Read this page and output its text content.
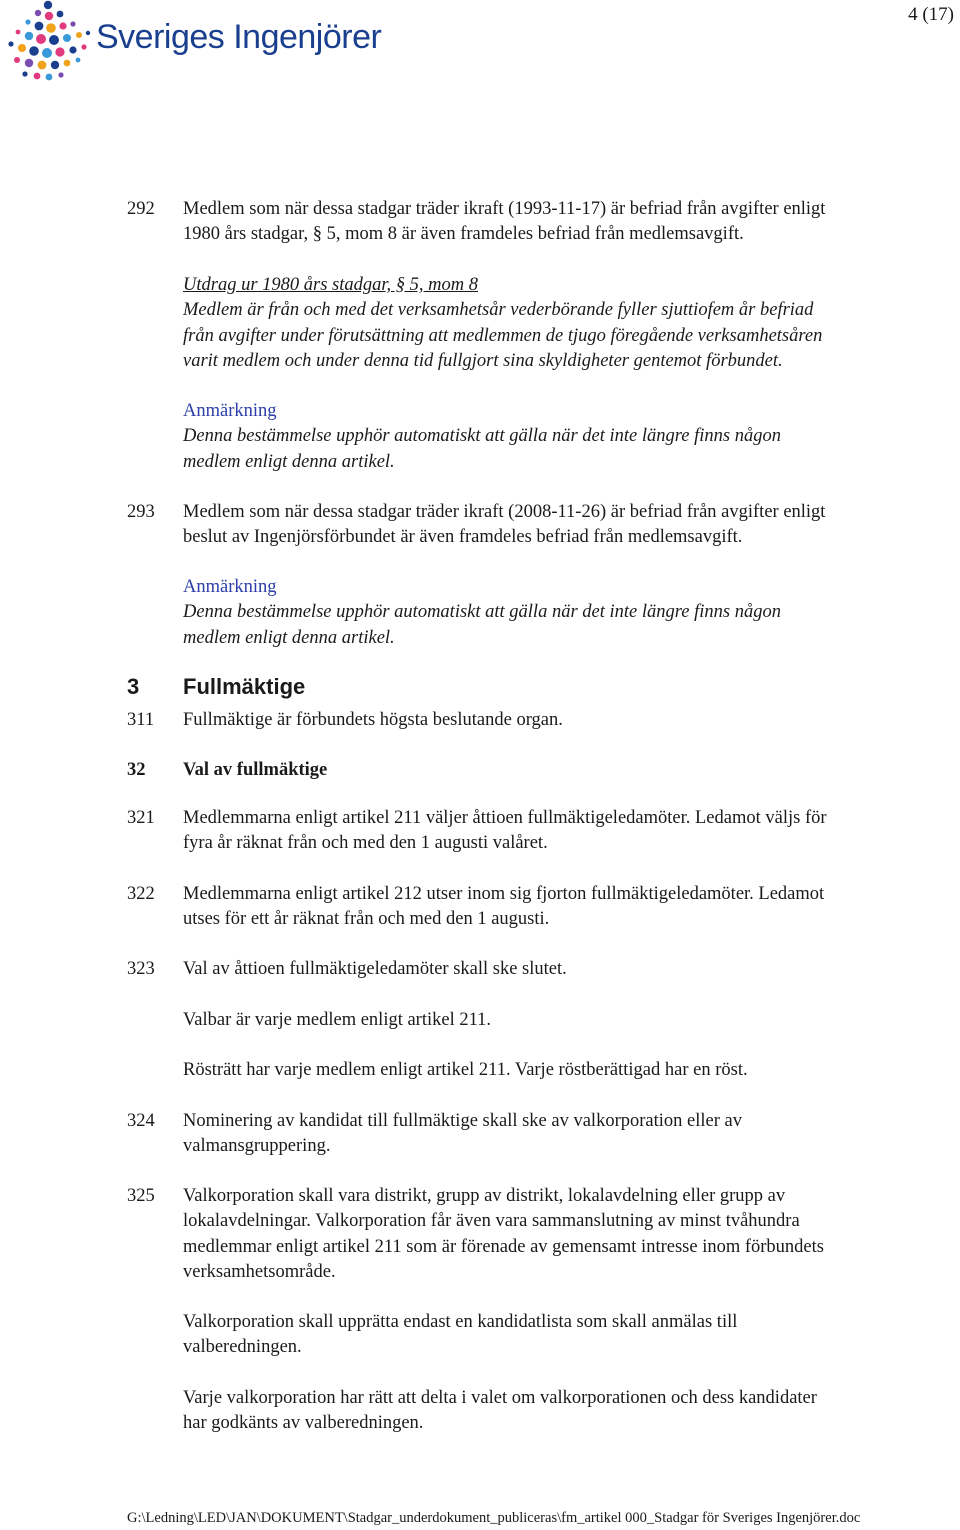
Sveriges Ingenjörer
4 (17)
292 Medlem som när dessa stadgar träder ikraft (1993-11-17) är befriad från avgifter enligt
1980 års stadgar, § 5, mom 8 är även framdeles befriad från medlemsavgift.
Utdrag ur 1980 års stadgar, § 5, mom 8
Medlem är från och med det verksamhetsår vederbörande fyller sjuttiofem år befriad
från avgifter under förutsättning att medlemmen de tjugo föregående verksamhetsåren
varit medlem och under denna tid fullgjort sina skyldigheter gentemot förbundet.
Anmärkning
Denna bestämmelse upphör automatiskt att gälla när det inte längre finns någon
medlem enligt denna artikel.
293 Medlem som när dessa stadgar träder ikraft (2008-11-26) är befriad från avgifter enligt
beslut av Ingenjörsförbundet är även framdeles befriad från medlemsavgift.
Anmärkning
Denna bestämmelse upphör automatiskt att gälla när det inte längre finns någon
medlem enligt denna artikel.
3 Fullmäktige
311 Fullmäktige är förbundets högsta beslutande organ.
32 Val av fullmäktige
321 Medlemmarna enligt artikel 211 väljer åttioen fullmäktigeledamöter. Ledamot väljs för
fyra år räknat från och med den 1 augusti valåret.
322 Medlemmarna enligt artikel 212 utser inom sig fjorton fullmäktigeledamöter. Ledamot
utses för ett år räknat från och med den 1 augusti.
323 Val av åttioen fullmäktigeledamöter skall ske slutet.
Valbar är varje medlem enligt artikel 211.
Rösträtt har varje medlem enligt artikel 211. Varje röstberättigad har en röst.
324 Nominering av kandidat till fullmäktige skall ske av valkorporation eller av
valmansgruppering.
325 Valkorporation skall vara distrikt, grupp av distrikt, lokalavdelning eller grupp av
lokalavdelningar. Valkorporation får även vara sammanslutning av minst tvåhundra
medlemmar enligt artikel 211 som är förenade av gemensamt intresse inom förbundets
verksamhetsområde.
Valkorporation skall upprätta endast en kandidatlista som skall anmälas till
valberedningen.
Varje valkorporation har rätt att delta i valet om valkorporationen och dess kandidater
har godkänts av valberedningen.
G:\Ledning\LED\JAN\DOKUMENT\Stadgar_underdokument_publiceras\fm_artikel 000_Stadgar för Sveriges Ingenjörer.doc
